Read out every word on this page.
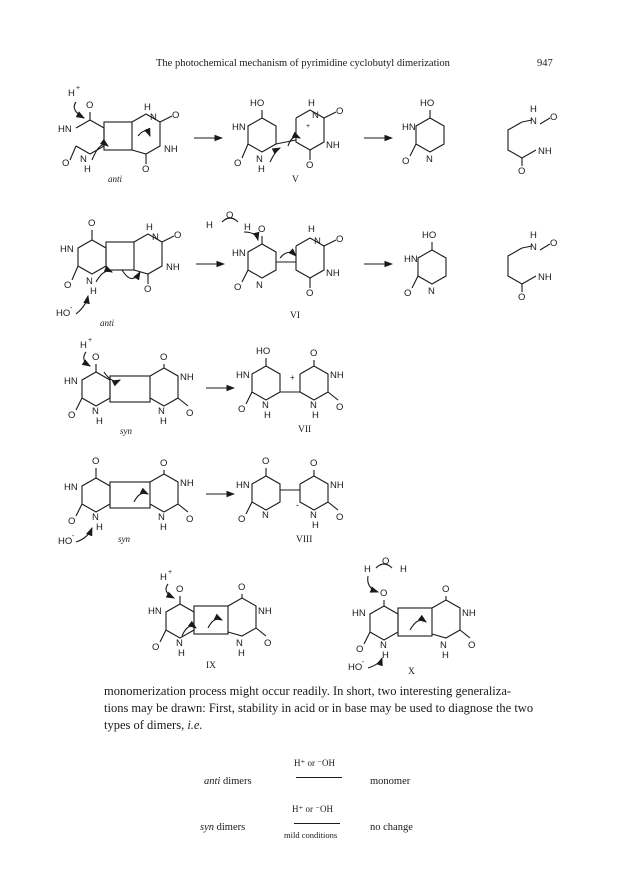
The photochemical mechanism of pyrimidine cyclobutyl dimerization	947
H +
O
HN
O N
H
H
N O
NH
O
anti
HO
HN
O N
H
H
N
+
O
NH
O
V
HO
HN
O N
H
N O
NH
O
O
HN
O N
H
H
N O
NH
O
HO -
anti
H
O
H O
HN
O N
H
N O
NH
O
VI
HO
HN
O N
H
N O
NH
O
H +
O
HN
O N
H
O
NH
N
H
O
syn
HO
HN
O N
H
+
O
NH
N
H
O
VII
O
HN
O N
H
O
NH
N
H
O
HO -	syn
O
HN
O N
O
NH
-
N
H
O
VIII
H +
O
HN
O N
H
O
NH
N
H
O
IX
H
O
H
O
HN
O N
H
O
NH
N
H
O
HO -
X
monomerization process might occur readily. In short, two interesting generaliza-
tions may be drawn: First, stability in acid or in base may be used to diagnose the two
types of dimers, i.e.
anti dimers
H⁺ or ⁻OH
monomer
syn dimers
H⁺ or ⁻OH
mild conditions
no change
